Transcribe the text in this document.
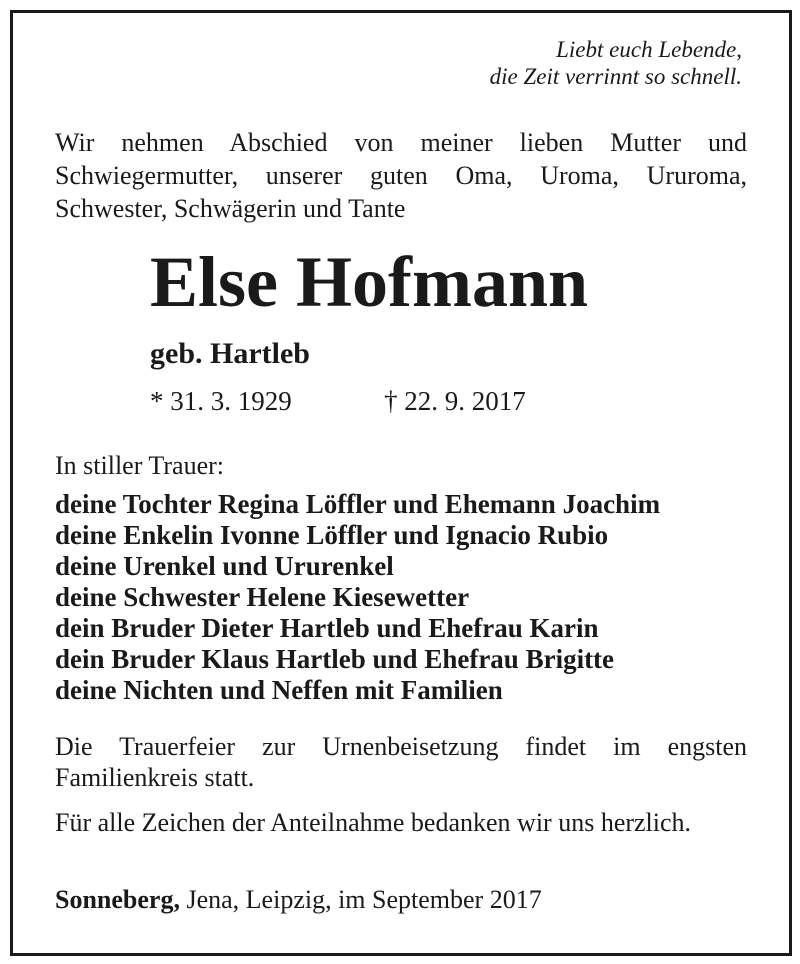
Liebt euch Lebende,
die Zeit verrinnt so schnell.
Wir nehmen Abschied von meiner lieben Mutter und Schwiegermutter, unserer guten Oma, Uroma, Ururoma, Schwester, Schwägerin und Tante
Else Hofmann
geb. Hartleb
* 31. 3. 1929	† 22. 9. 2017
In stiller Trauer:
deine Tochter Regina Löffler und Ehemann Joachim
deine Enkelin Ivonne Löffler und Ignacio Rubio
deine Urenkel und Ururenkel
deine Schwester Helene Kiesewetter
dein Bruder Dieter Hartleb und Ehefrau Karin
dein Bruder Klaus Hartleb und Ehefrau Brigitte
deine Nichten und Neffen mit Familien
Die Trauerfeier zur Urnenbeisetzung findet im engsten Familienkreis statt.
Für alle Zeichen der Anteilnahme bedanken wir uns herzlich.
Sonneberg, Jena, Leipzig, im September 2017
